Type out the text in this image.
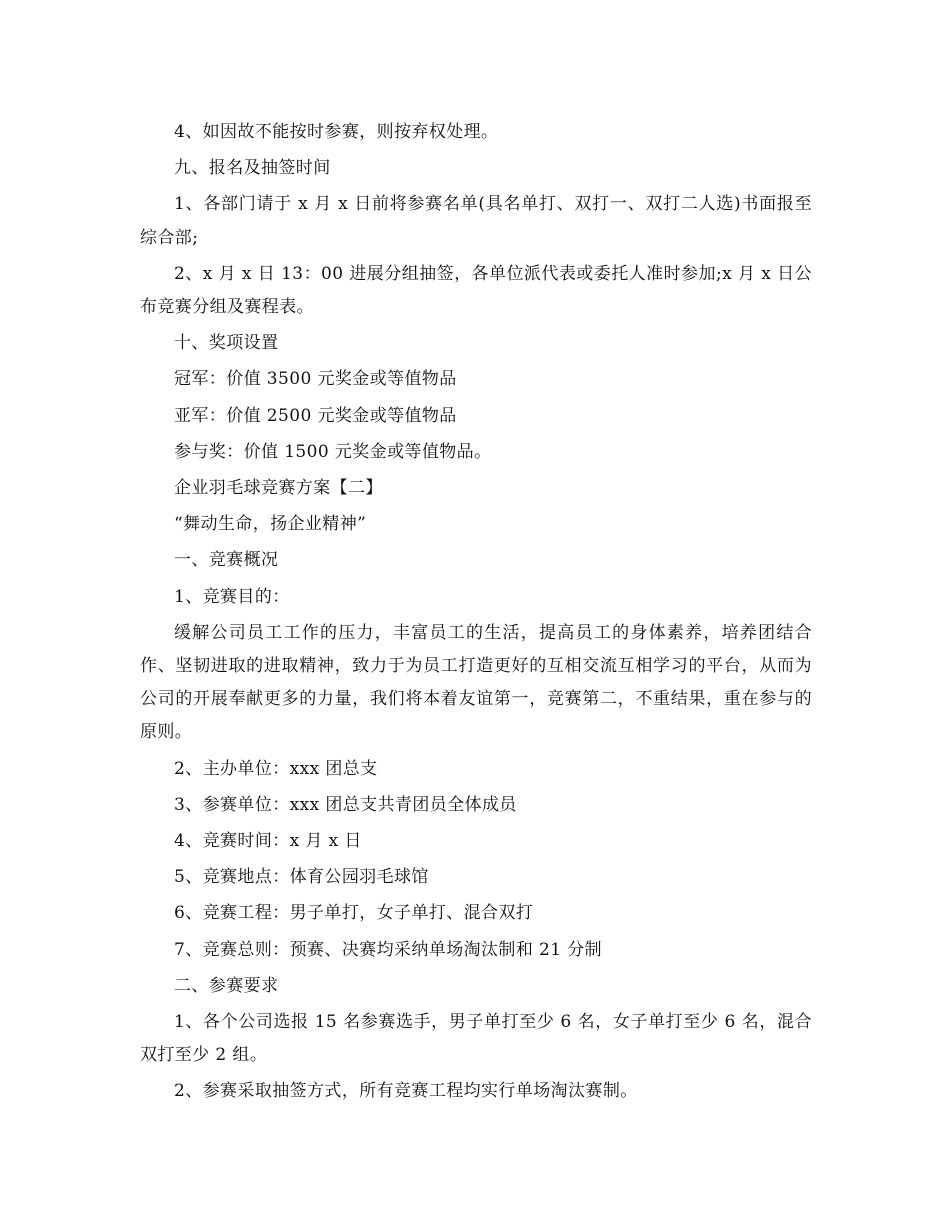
4、如因故不能按时参赛，则按弃权处理。

九、报名及抽签时间

1、各部门请于 x 月 x 日前将参赛名单(具名单打、双打一、双打二人选)书面报至综合部;

2、x 月 x 日 13：00 进展分组抽签，各单位派代表或委托人准时参加;x 月 x 日公布竞赛分组及赛程表。

十、奖项设置

冠军：价值 3500 元奖金或等值物品

亚军：价值 2500 元奖金或等值物品

参与奖：价值 1500 元奖金或等值物品。

企业羽毛球竞赛方案【二】

“舞动生命，扬企业精神”

一、竞赛概况

1、竞赛目的：

缓解公司员工工作的压力，丰富员工的生活，提高员工的身体素养，培养团结合作、坚韧进取的进取精神，致力于为员工打造更好的互相交流互相学习的平台，从而为公司的开展奉献更多的力量，我们将本着友谊第一，竞赛第二，不重结果，重在参与的原则。

2、主办单位：xxx 团总支

3、参赛单位：xxx 团总支共青团员全体成员

4、竞赛时间：x 月 x 日

5、竞赛地点：体育公园羽毛球馆

6、竞赛工程：男子单打，女子单打、混合双打

7、竞赛总则：预赛、决赛均采纳单场淘汰制和 21 分制

二、参赛要求

1、各个公司选报 15 名参赛选手，男子单打至少 6 名，女子单打至少 6 名，混合双打至少 2 组。

2、参赛采取抽签方式，所有竞赛工程均实行单场淘汰赛制。
